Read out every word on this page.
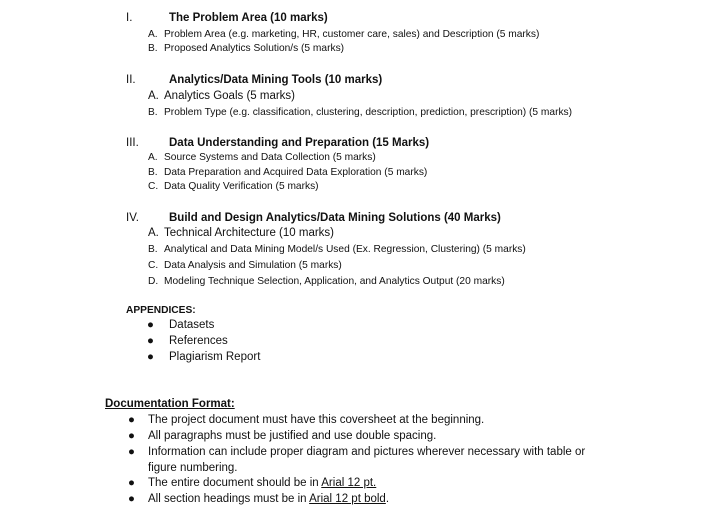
I.	The Problem Area (10 marks)
A. Problem Area (e.g. marketing, HR, customer care, sales) and Description (5 marks)
B. Proposed Analytics Solution/s (5 marks)
II.	Analytics/Data Mining Tools (10 marks)
A. Analytics Goals (5 marks)
B. Problem Type (e.g. classification, clustering, description, prediction, prescription) (5 marks)
III.	Data Understanding and Preparation (15 Marks)
A. Source Systems and Data Collection (5 marks)
B. Data Preparation and Acquired Data Exploration (5 marks)
C. Data Quality Verification (5 marks)
IV.	Build and Design Analytics/Data Mining Solutions (40 Marks)
A. Technical Architecture (10 marks)
B. Analytical and Data Mining Model/s Used (Ex. Regression, Clustering) (5 marks)
C. Data Analysis and Simulation (5 marks)
D. Modeling Technique Selection, Application, and Analytics Output (20 marks)
APPENDICES:
● Datasets
● References
● Plagiarism Report
Documentation Format:
● The project document must have this coversheet at the beginning.
● All paragraphs must be justified and use double spacing.
● Information can include proper diagram and pictures wherever necessary with table or
figure numbering.
● The entire document should be in Arial 12 pt.
● All section headings must be in Arial 12 pt bold.
